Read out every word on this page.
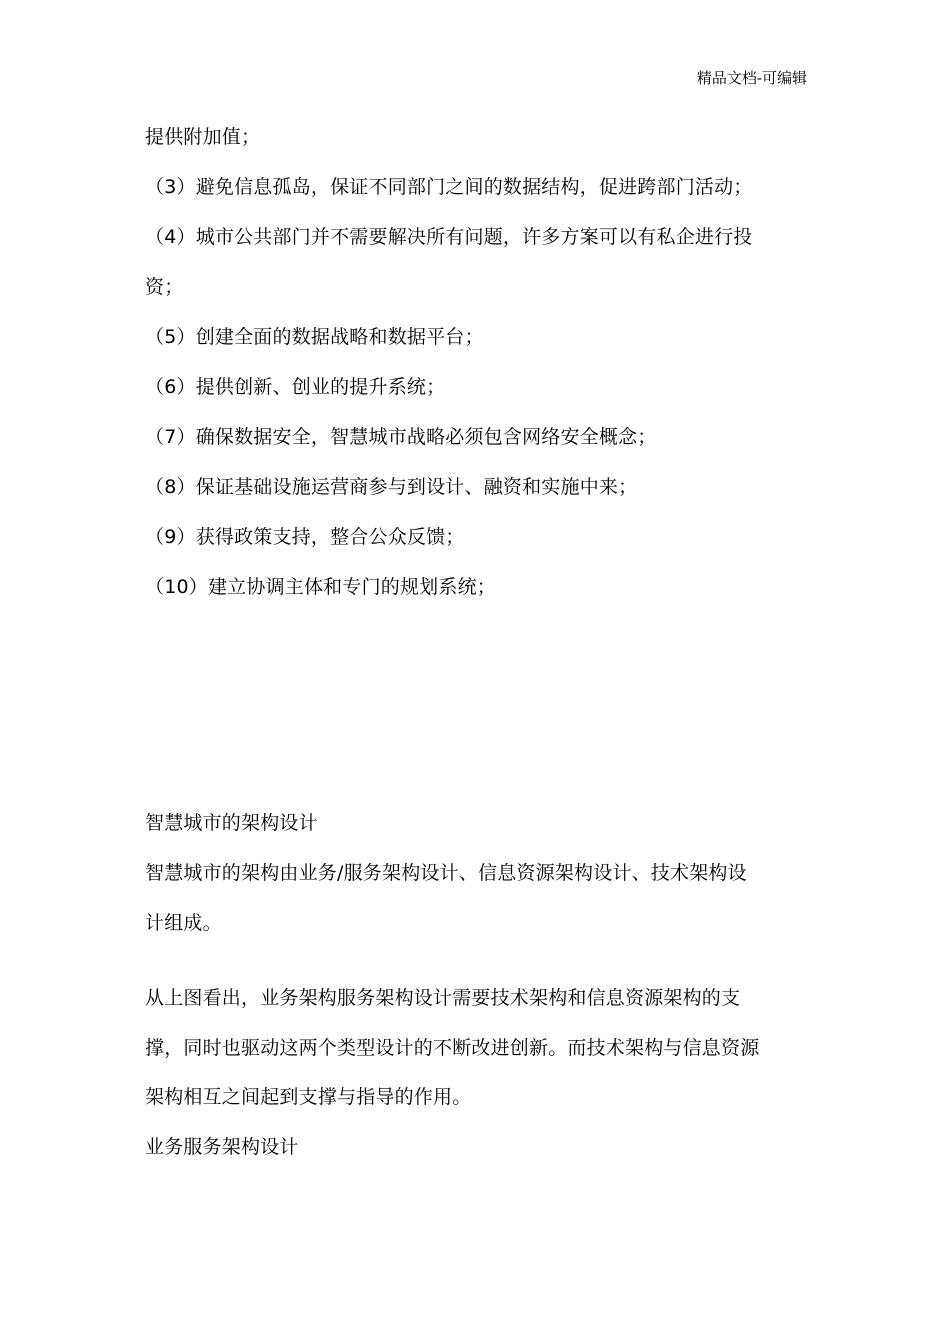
精品文档-可编辑
提供附加值；
（3）避免信息孤岛，保证不同部门之间的数据结构，促进跨部门活动；
（4）城市公共部门并不需要解决所有问题，许多方案可以有私企进行投
资；
（5）创建全面的数据战略和数据平台；
（6）提供创新、创业的提升系统；
（7）确保数据安全，智慧城市战略必须包含网络安全概念；
（8）保证基础设施运营商参与到设计、融资和实施中来；
（9）获得政策支持，整合公众反馈；
（10）建立协调主体和专门的规划系统；
智慧城市的架构设计
智慧城市的架构由业务/服务架构设计、信息资源架构设计、技术架构设
计组成。
从上图看出，业务架构服务架构设计需要技术架构和信息资源架构的支
撑，同时也驱动这两个类型设计的不断改进创新。而技术架构与信息资源
架构相互之间起到支撑与指导的作用。
业务服务架构设计
